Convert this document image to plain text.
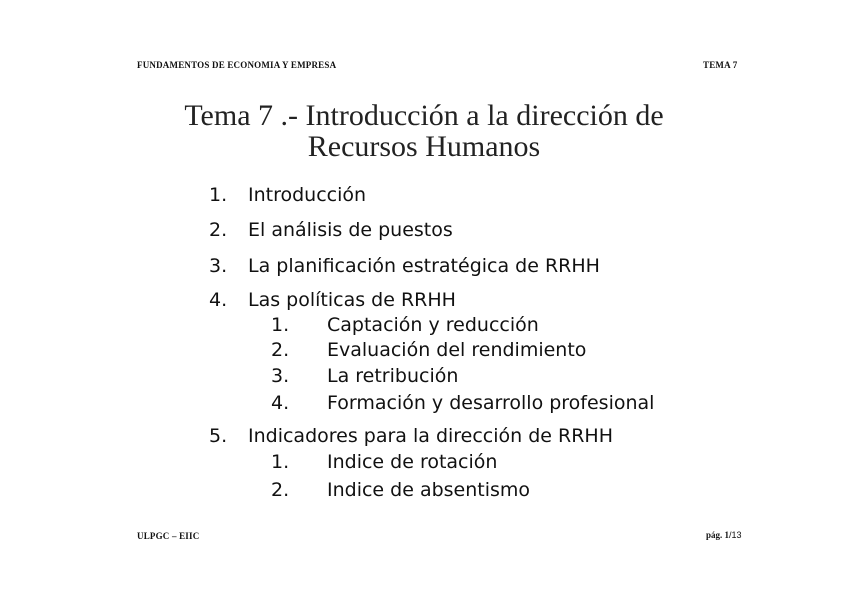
FUNDAMENTOS DE ECONOMIA Y EMPRESA	TEMA 7
Tema 7 .- Introducción a la dirección de
Recursos Humanos
1. Introducción
2. El análisis de puestos
3. La planificación estratégica de RRHH
4. Las políticas de RRHH
1. Captación y reducción
2. Evaluación del rendimiento
3. La retribución
4. Formación y desarrollo profesional
5. Indicadores para la dirección de RRHH
1. Indice de rotación
2. Indice de absentismo
ULPGC – EIIC	pág. 1/13
